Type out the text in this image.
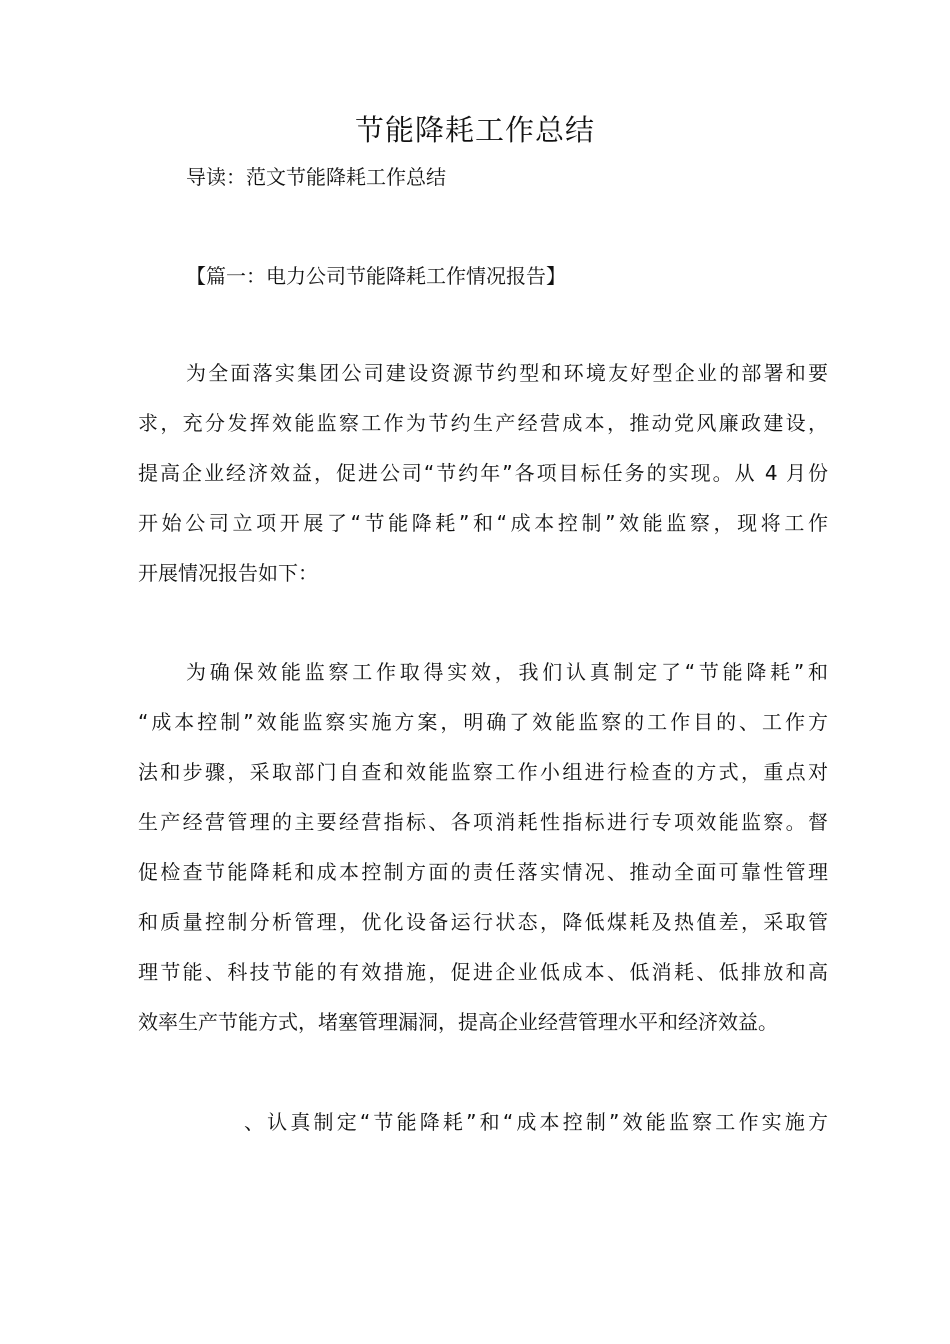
节能降耗工作总结

导读：范文节能降耗工作总结

【篇一：电力公司节能降耗工作情况报告】
为全面落实集团公司建设资源节约型和环境友好型企业的部署和要
求，充分发挥效能监察工作为节约生产经营成本，推动党风廉政建设，
提高企业经济效益，促进公司“节约年”各项目标任务的实现。从 4 月份
开始公司立项开展了“节能降耗”和“成本控制”效能监察，现将工作
开展情况报告如下：
为确保效能监察工作取得实效，我们认真制定了“节能降耗”和
“成本控制”效能监察实施方案，明确了效能监察的工作目的、工作方
法和步骤，采取部门自查和效能监察工作小组进行检查的方式，重点对
生产经营管理的主要经营指标、各项消耗性指标进行专项效能监察。督
促检查节能降耗和成本控制方面的责任落实情况、推动全面可靠性管理
和质量控制分析管理，优化设备运行状态，降低煤耗及热值差，采取管
理节能、科技节能的有效措施，促进企业低成本、低消耗、低排放和高
效率生产节能方式，堵塞管理漏洞，提高企业经营管理水平和经济效益。

、认真制定“节能降耗”和“成本控制”效能监察工作实施方
